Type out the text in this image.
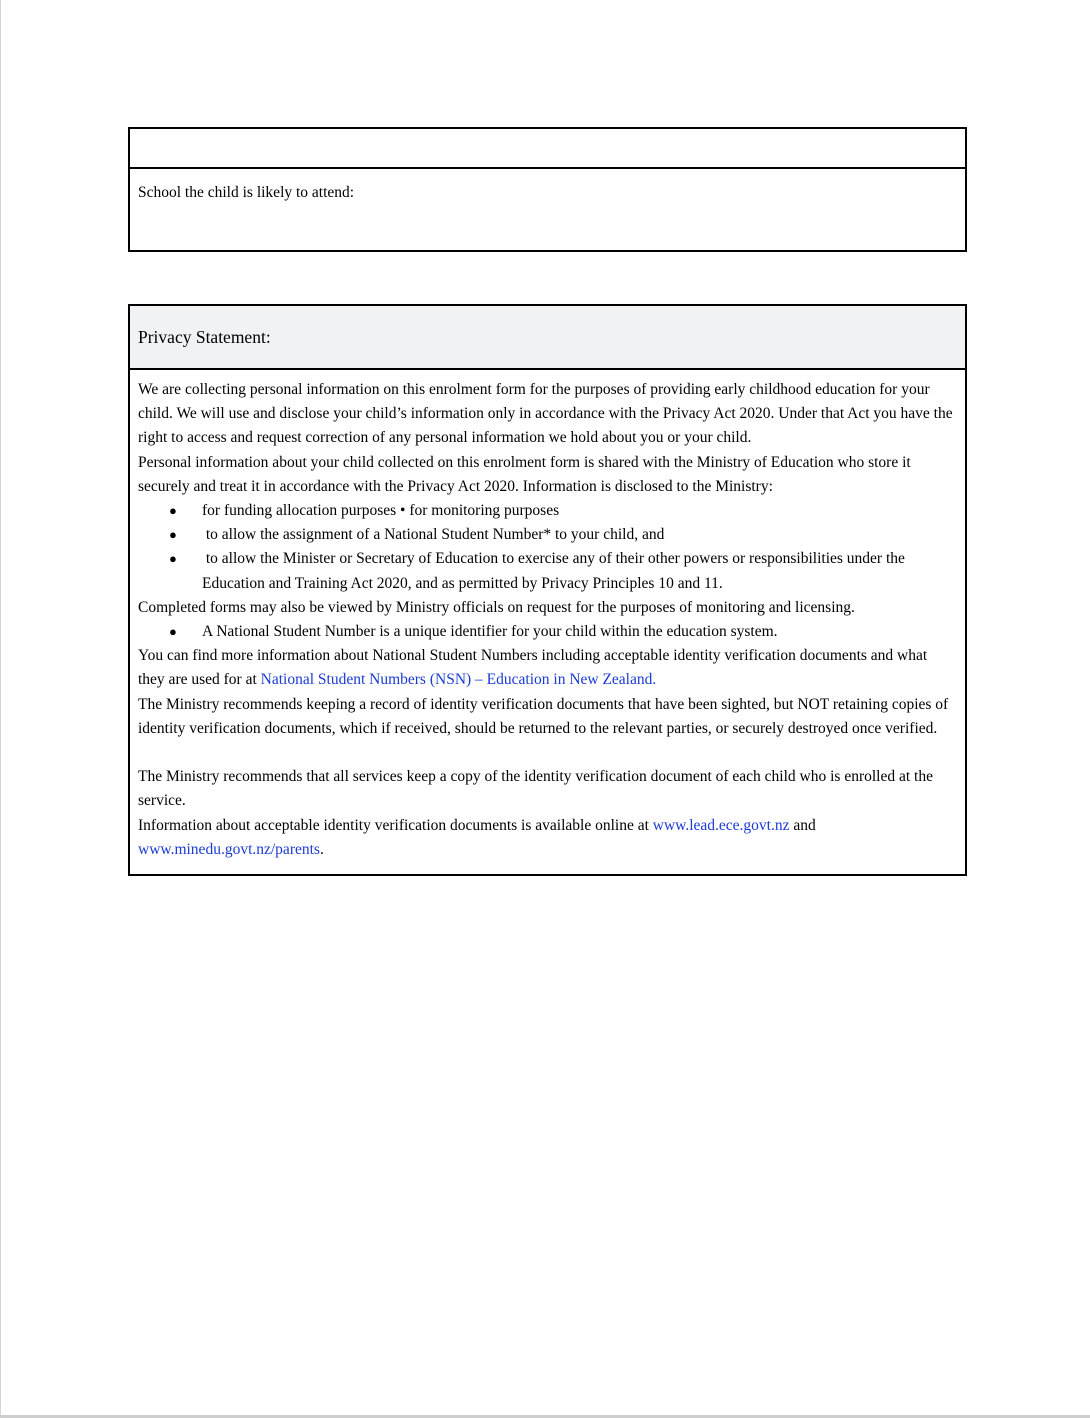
School the child is likely to attend:
Privacy Statement:

We are collecting personal information on this enrolment form for the purposes of providing early childhood education for your child. We will use and disclose your child’s information only in accordance with the Privacy Act 2020. Under that Act you have the right to access and request correction of any personal information we hold about you or your child.

Personal information about your child collected on this enrolment form is shared with the Ministry of Education who store it securely and treat it in accordance with the Privacy Act 2020. Information is disclosed to the Ministry:

● for funding allocation purposes • for monitoring purposes

● to allow the assignment of a National Student Number* to your child, and

● to allow the Minister or Secretary of Education to exercise any of their other powers or responsibilities under the Education and Training Act 2020, and as permitted by Privacy Principles 10 and 11.

Completed forms may also be viewed by Ministry officials on request for the purposes of monitoring and licensing.

● A National Student Number is a unique identifier for your child within the education system.

You can find more information about National Student Numbers including acceptable identity verification documents and what they are used for at National Student Numbers (NSN) – Education in New Zealand.

The Ministry recommends keeping a record of identity verification documents that have been sighted, but NOT retaining copies of identity verification documents, which if received, should be returned to the relevant parties, or securely destroyed once verified.

The Ministry recommends that all services keep a copy of the identity verification document of each child who is enrolled at the service.

Information about acceptable identity verification documents is available online at www.lead.ece.govt.nz and
www.minedu.govt.nz/parents.
